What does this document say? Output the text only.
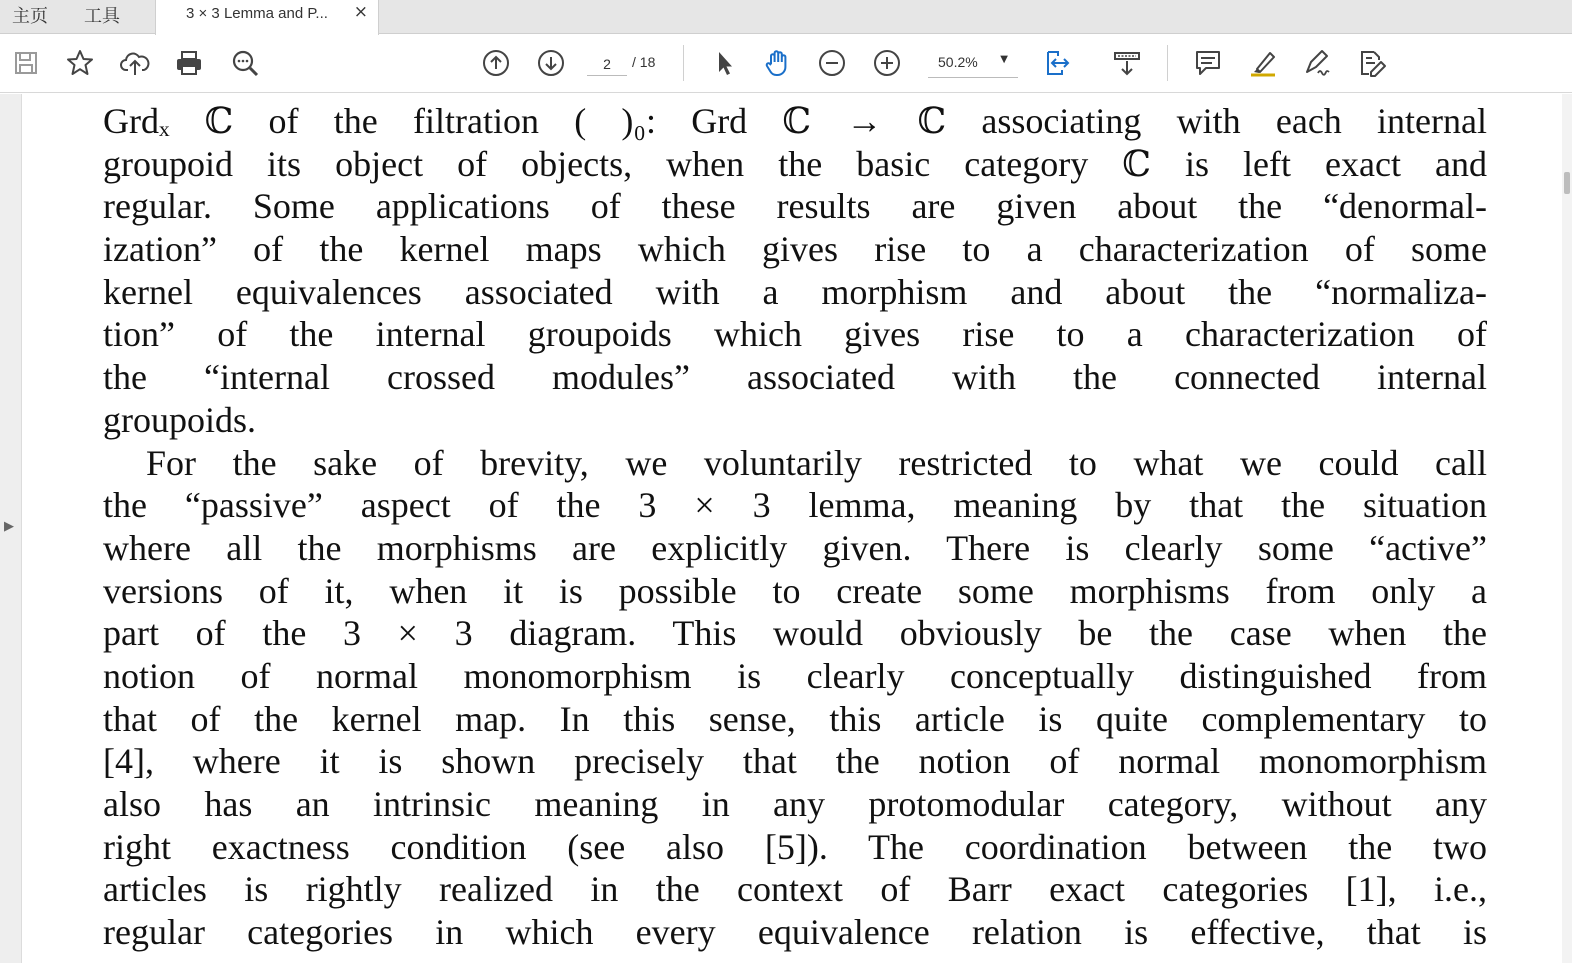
主页 工具	3 × 3 Lemma and P... ×
2
/ 18	50.2% ▼
▶
Grdₓ ℂ of the filtration ( )₀: Grd ℂ → ℂ associating with each internal
groupoid its object of objects, when the basic category ℂ is left exact and
regular. Some applications of these results are given about the “denormal-
ization” of the kernel maps which gives rise to a characterization of some
kernel equivalences associated with a morphism and about the “normaliza-
tion” of the internal groupoids which gives rise to a characterization of
the “internal crossed modules” associated with the connected internal
groupoids.
For the sake of brevity, we voluntarily restricted to what we could call
the “passive” aspect of the 3 × 3 lemma, meaning by that the situation
where all the morphisms are explicitly given. There is clearly some “active”
versions of it, when it is possible to create some morphisms from only a
part of the 3 × 3 diagram. This would obviously be the case when the
notion of normal monomorphism is clearly conceptually distinguished from
that of the kernel map. In this sense, this article is quite complementary to
[4], where it is shown precisely that the notion of normal monomorphism
also has an intrinsic meaning in any protomodular category, without any
right exactness condition (see also [5]). The coordination between the two
articles is rightly realized in the context of Barr exact categories [1], i.e.,
regular categories in which every equivalence relation is effective, that is
